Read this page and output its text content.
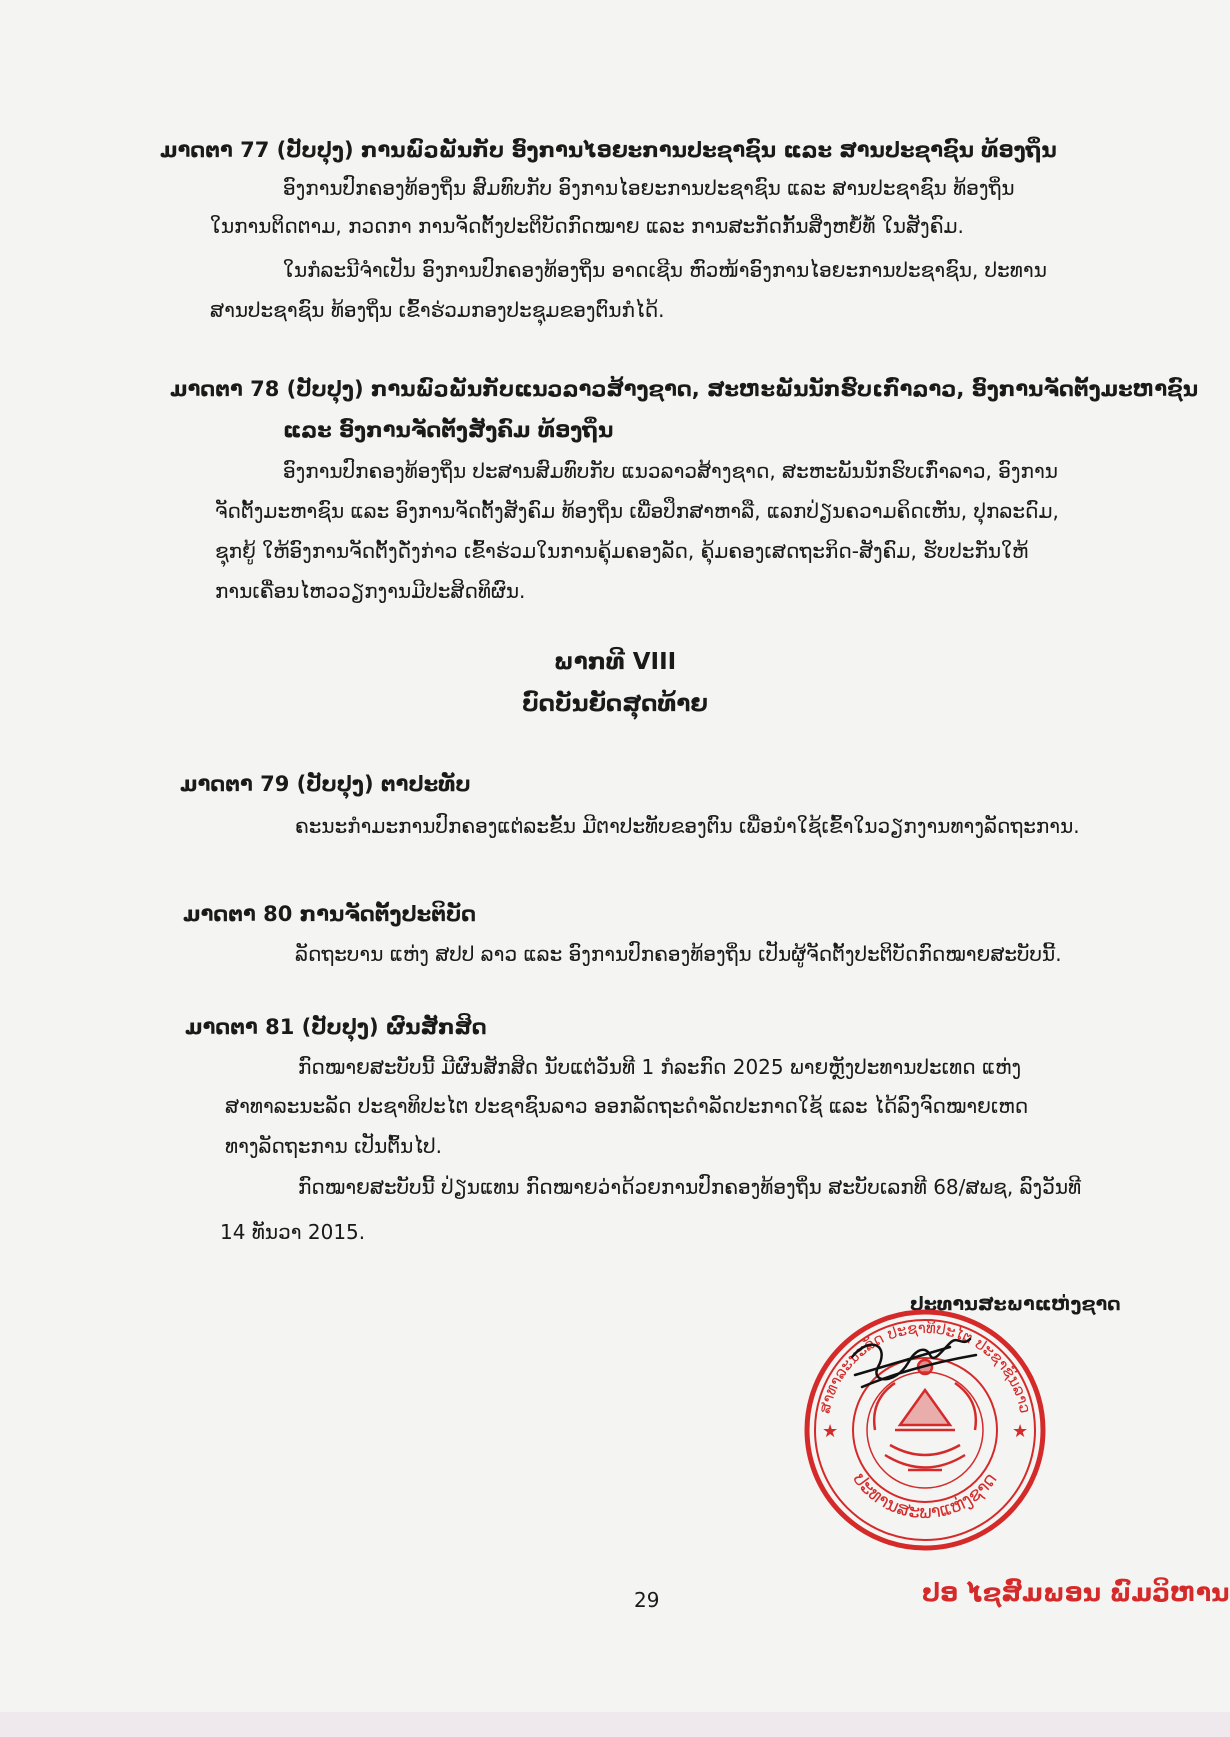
ມາດຕາ 77 (ປັບປຸງ) ການພົວພັນກັບ ອົງການໄອຍະການປະຊາຊົນ ແລະ ສານປະຊາຊົນ ທ້ອງຖິ່ນ
ອົງການປົກຄອງທ້ອງຖິ່ນ ສົມທົບກັບ ອົງການໄອຍະການປະຊາຊົນ ແລະ ສານປະຊາຊົນ ທ້ອງຖິ່ນ
ໃນການຕິດຕາມ, ກວດກາ ການຈັດຕັ້ງປະຕິບັດກົດໝາຍ ແລະ ການສະກັດກັ້ນສິ່ງຫຍໍ້ທໍ້ ໃນສັງຄົມ.
ໃນກໍລະນີຈໍາເປັນ ອົງການປົກຄອງທ້ອງຖິ່ນ ອາດເຊີນ ຫົວໜ້າອົງການໄອຍະການປະຊາຊົນ, ປະທານ
ສານປະຊາຊົນ ທ້ອງຖິ່ນ ເຂົ້າຮ່ວມກອງປະຊຸມຂອງຕົນກໍໄດ້.
ມາດຕາ 78 (ປັບປຸງ) ການພົວພັນກັບແນວລາວສ້າງຊາດ, ສະຫະພັນນັກຮົບເກົ່າລາວ, ອົງການຈັດຕັ້ງມະຫາຊົນ
ແລະ ອົງການຈັດຕັ້ງສັງຄົມ ທ້ອງຖິ່ນ
ອົງການປົກຄອງທ້ອງຖິ່ນ ປະສານສົມທົບກັບ ແນວລາວສ້າງຊາດ, ສະຫະພັນນັກຮົບເກົ່າລາວ, ອົງການ
ຈັດຕັ້ງມະຫາຊົນ ແລະ ອົງການຈັດຕັ້ງສັງຄົມ ທ້ອງຖິ່ນ ເພື່ອປຶກສາຫາລື, ແລກປ່ຽນຄວາມຄິດເຫັນ, ປຸກລະດົມ,
ຊຸກຍູ້ ໃຫ້ອົງການຈັດຕັ້ງດັ່ງກ່າວ ເຂົ້າຮ່ວມໃນການຄຸ້ມຄອງລັດ, ຄຸ້ມຄອງເສດຖະກິດ-ສັງຄົມ, ຮັບປະກັນໃຫ້
ການເຄື່ອນໄຫວວຽກງານມີປະສິດທິຜົນ.
ພາກທີ VIII
ບົດບັນຍັດສຸດທ້າຍ
ມາດຕາ 79 (ປັບປຸງ) ຕາປະທັບ
ຄະນະກໍາມະການປົກຄອງແຕ່ລະຂັ້ນ ມີຕາປະທັບຂອງຕົນ ເພື່ອນໍາໃຊ້ເຂົ້າໃນວຽກງານທາງລັດຖະການ.
ມາດຕາ 80 ການຈັດຕັ້ງປະຕິບັດ
ລັດຖະບານ ແຫ່ງ ສປປ ລາວ ແລະ ອົງການປົກຄອງທ້ອງຖິ່ນ ເປັນຜູ້ຈັດຕັ້ງປະຕິບັດກົດໝາຍສະບັບນີ້.
ມາດຕາ 81 (ປັບປຸງ) ຜົນສັກສິດ
ກົດໝາຍສະບັບນີ້ ມີຜົນສັກສິດ ນັບແຕ່ວັນທີ 1 ກໍລະກົດ 2025 ພາຍຫຼັງປະທານປະເທດ ແຫ່ງ
ສາທາລະນະລັດ ປະຊາທິປະໄຕ ປະຊາຊົນລາວ ອອກລັດຖະດໍາລັດປະກາດໃຊ້ ແລະ ໄດ້ລົງຈົດໝາຍເຫດ
ທາງລັດຖະການ ເປັນຕົ້ນໄປ.
ກົດໝາຍສະບັບນີ້ ປ່ຽນແທນ ກົດໝາຍວ່າດ້ວຍການປົກຄອງທ້ອງຖິ່ນ ສະບັບເລກທີ 68/ສພຊ, ລົງວັນທີ
14 ທັນວາ 2015.
ປະທານສະພາແຫ່ງຊາດ
ສາທາລະນະລັດ ປະຊາທິປະໄຕ ປະຊາຊົນລາວ
ປະທານສະພາແຫ່ງຊາດ
★	★
ປອ ໄຊສົມພອນ ພົມວິຫານ
29
